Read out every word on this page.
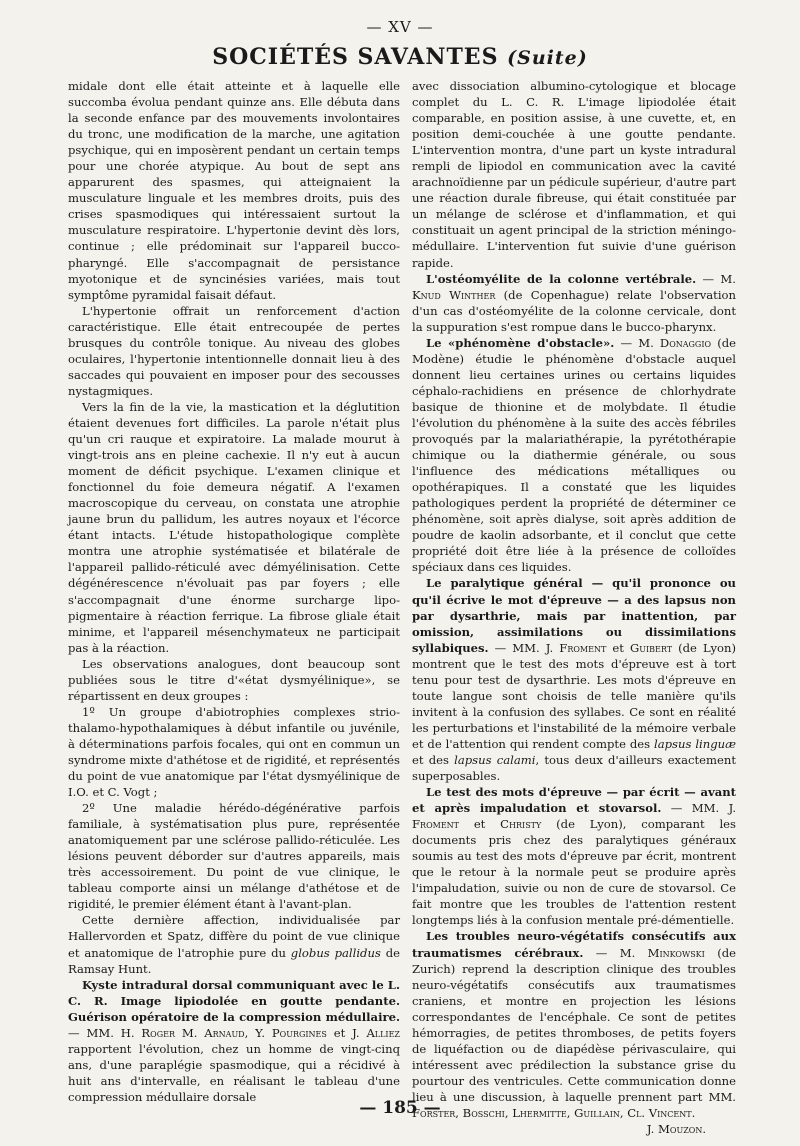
— XV —
SOCIÉTÉS SAVANTES (Suite)

midale dont elle était atteinte et à laquelle elle succomba évolua pendant quinze ans. Elle débuta dans la seconde enfance par des mouvements involontaires du tronc, une modification de la marche, une agitation psychique, qui en imposèrent pendant un certain temps pour une chorée atypique. Au bout de sept ans apparurent des spasmes, qui atteignaient la musculature linguale et les membres droits, puis des crises spasmodiques qui intéressaient surtout la musculature respiratoire. L'hypertonie devint dès lors, continue ; elle prédominait sur l'appareil bucco-pharyngé. Elle s'accompagnait de persistance myotonique et de syncinésies variées, mais tout symptôme pyramidal faisait défaut.

L'hypertonie offrait un renforcement d'action caractéristique. Elle était entrecoupée de pertes brusques du contrôle tonique. Au niveau des globes oculaires, l'hypertonie intentionnelle donnait lieu à des saccades qui pouvaient en imposer pour des secousses nystagmiques.

Vers la fin de la vie, la mastication et la déglutition étaient devenues fort difficiles. La parole n'était plus qu'un cri rauque et expiratoire. La malade mourut à vingt-trois ans en pleine cachexie. Il n'y eut à aucun moment de déficit psychique. L'examen clinique et fonctionnel du foie demeura négatif. A l'examen macroscopique du cerveau, on constata une atrophie jaune brun du pallidum, les autres noyaux et l'écorce étant intacts. L'étude histopathologique complète montra une atrophie systématisée et bilatérale de l'appareil pallido-réticulé avec démyélinisation. Cette dégénérescence n'évoluait pas par foyers ; elle s'accompagnait d'une énorme surcharge lipo-pigmentaire à réaction ferrique. La fibrose gliale était minime, et l'appareil mésenchymateux ne participait pas à la réaction.

Les observations analogues, dont beaucoup sont publiées sous le titre d'«état dysmyélinique», se répartissent en deux groupes :

1º Un groupe d'abiotrophies complexes strio-thalamo-hypothalamiques à début infantile ou juvénile, à déterminations parfois focales, qui ont en commun un syndrome mixte d'athétose et de rigidité, et représentés du point de vue anatomique par l'état dysmyélinique de I.O. et C. Vogt ;

2º Une maladie hérédo-dégénérative parfois familiale, à systématisation plus pure, représentée anatomiquement par une sclérose pallido-réticulée. Les lésions peuvent déborder sur d'autres appareils, mais très accessoirement. Du point de vue clinique, le tableau comporte ainsi un mélange d'athétose et de rigidité, le premier élément étant à l'avant-plan.

Cette dernière affection, individualisée par Hallervorden et Spatz, diffère du point de vue clinique et anatomique de l'atrophie pure du globus pallidus de Ramsay Hunt.

Kyste intradural dorsal communiquant avec le L. C. R. Image lipiodolée en goutte pendante. Guérison opératoire de la compression médullaire. — MM. H. Roger M. Arnaud, Y. Pourgines et J. Alliez rapportent l'évolution, chez un homme de vingt-cinq ans, d'une paraplégie spasmodique, qui a récidivé à huit ans d'intervalle, en réalisant le tableau d'une compression médullaire dorsale

avec dissociation albumino-cytologique et blocage complet du L. C. R. L'image lipiodolée était comparable, en position assise, à une cuvette, et, en position demi-couchée à une goutte pendante. L'intervention montra, d'une part un kyste intradural rempli de lipiodol en communication avec la cavité arachnoïdienne par un pédicule supérieur, d'autre part une réaction durale fibreuse, qui était constituée par un mélange de sclérose et d'inflammation, et qui constituait un agent principal de la striction méningo-médullaire. L'intervention fut suivie d'une guérison rapide.

L'ostéomyélite de la colonne vertébrale. — M. Knud Winther (de Copenhague) relate l'observation d'un cas d'ostéomyélite de la colonne cervicale, dont la suppuration s'est rompue dans le bucco-pharynx.

Le «phénomène d'obstacle». — M. Donaggio (de Modène) étudie le phénomène d'obstacle auquel donnent lieu certaines urines ou certains liquides céphalo-rachidiens en présence de chlorhydrate basique de thionine et de molybdate. Il étudie l'évolution du phénomène à la suite des accès fébriles provoqués par la malariathérapie, la pyrétothérapie chimique ou la diathermie générale, ou sous l'influence des médications métalliques ou opothérapiques. Il a constaté que les liquides pathologiques perdent la propriété de déterminer ce phénomène, soit après dialyse, soit après addition de poudre de kaolin adsorbante, et il conclut que cette propriété doit être liée à la présence de colloïdes spéciaux dans ces liquides.

Le paralytique général — qu'il prononce ou qu'il écrive le mot d'épreuve — a des lapsus non par dysarthrie, mais par inattention, par omission, assimilations ou dissimilations syllabiques. — MM. J. Froment et Guibert (de Lyon) montrent que le test des mots d'épreuve est à tort tenu pour test de dysarthrie. Les mots d'épreuve en toute langue sont choisis de telle manière qu'ils invitent à la confusion des syllabes. Ce sont en réalité les perturbations et l'instabilité de la mémoire verbale et de l'attention qui rendent compte des lapsus linguæ et des lapsus calami, tous deux d'ailleurs exactement superposables.

Le test des mots d'épreuve — par écrit — avant et après impaludation et stovarsol. — MM. J. Froment et Christy (de Lyon), comparant les documents pris chez des paralytiques généraux soumis au test des mots d'épreuve par écrit, montrent que le retour à la normale peut se produire après l'impaludation, suivie ou non de cure de stovarsol. Ce fait montre que les troubles de l'attention restent longtemps liés à la confusion mentale pré-démentielle.

Les troubles neuro-végétatifs consécutifs aux traumatismes cérébraux. — M. Minkowski (de Zurich) reprend la description clinique des troubles neuro-végétatifs consécutifs aux traumatismes craniens, et montre en projection les lésions correspondantes de l'encéphale. Ce sont de petites hémorragies, de petites thromboses, de petits foyers de liquéfaction ou de diapédèse périvasculaire, qui intéressent avec prédilection la substance grise du pourtour des ventricules. Cette communication donne lieu à une discussion, à laquelle prennent part MM. Forster, Bosschi, Lhermitte, Guillain, Cl. Vincent.

J. Mouzon.

— 185 —
